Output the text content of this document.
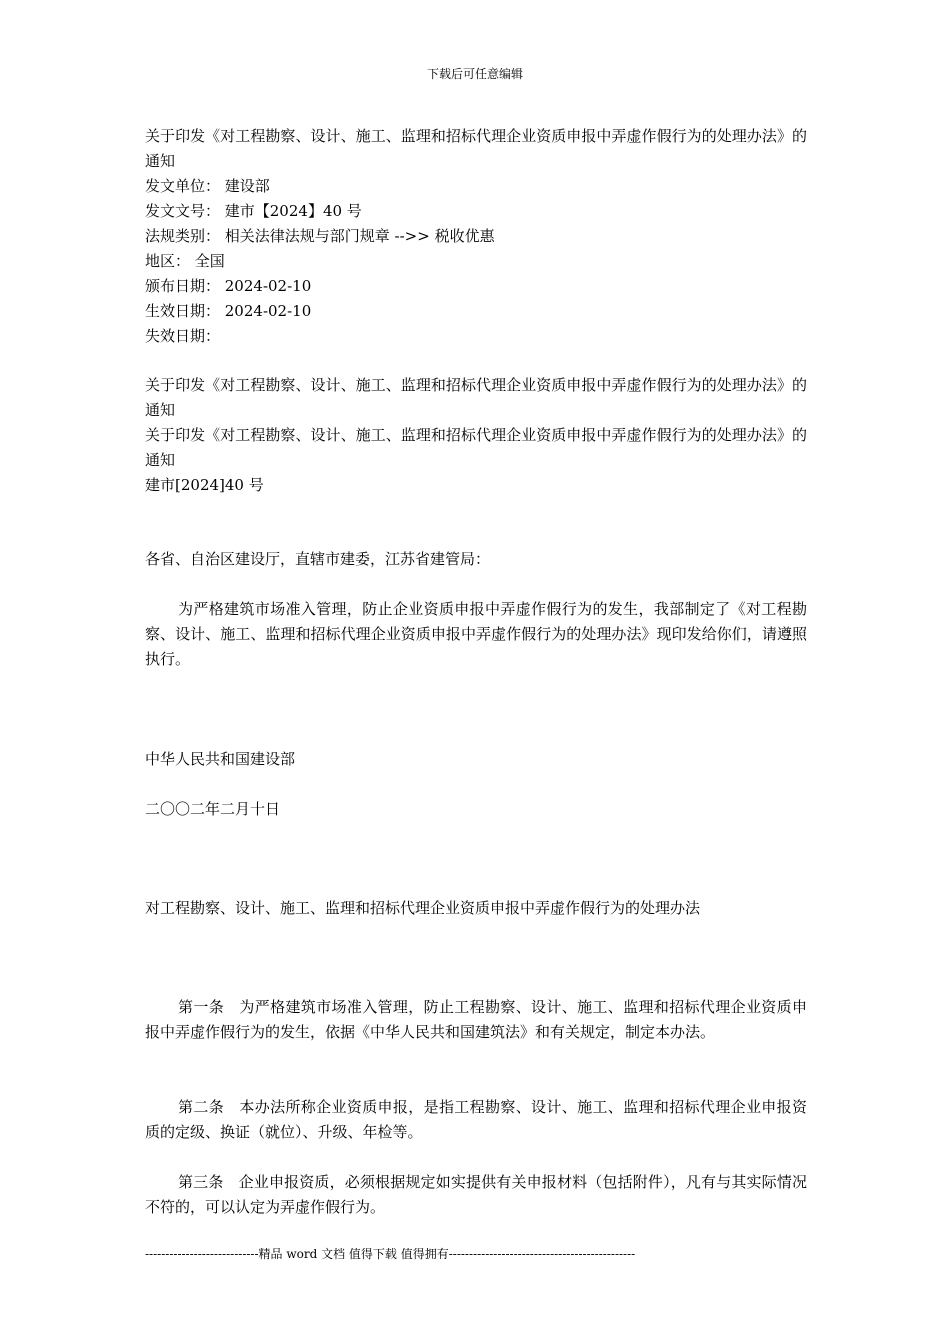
下载后可任意编辑
关于印发《对工程勘察、设计、施工、监理和招标代理企业资质申报中弄虚作假行为的处理办法》的通知
发文单位： 建设部
发文文号： 建市【2024】40 号
法规类别： 相关法律法规与部门规章 -->> 税收优惠
地区： 全国
颁布日期： 2024-02-10
生效日期： 2024-02-10
失效日期：
关于印发《对工程勘察、设计、施工、监理和招标代理企业资质申报中弄虚作假行为的处理办法》的通知
关于印发《对工程勘察、设计、施工、监理和招标代理企业资质申报中弄虚作假行为的处理办法》的通知
建市[2024]40 号
各省、自治区建设厅，直辖市建委，江苏省建管局：
为严格建筑市场准入管理，防止企业资质申报中弄虚作假行为的发生，我部制定了《对工程勘察、设计、施工、监理和招标代理企业资质申报中弄虚作假行为的处理办法》现印发给你们，请遵照执行。
中华人民共和国建设部
二〇〇二年二月十日
对工程勘察、设计、施工、监理和招标代理企业资质申报中弄虚作假行为的处理办法
第一条　为严格建筑市场准入管理，防止工程勘察、设计、施工、监理和招标代理企业资质申报中弄虚作假行为的发生，依据《中华人民共和国建筑法》和有关规定，制定本办法。
第二条　本办法所称企业资质申报，是指工程勘察、设计、施工、监理和招标代理企业申报资质的定级、换证（就位）、升级、年检等。
第三条　企业申报资质，必须根据规定如实提供有关申报材料（包括附件），凡有与其实际情况不符的，可以认定为弄虚作假行为。
----------------------------精品 word 文档 值得下载 值得拥有----------------------------------------------
